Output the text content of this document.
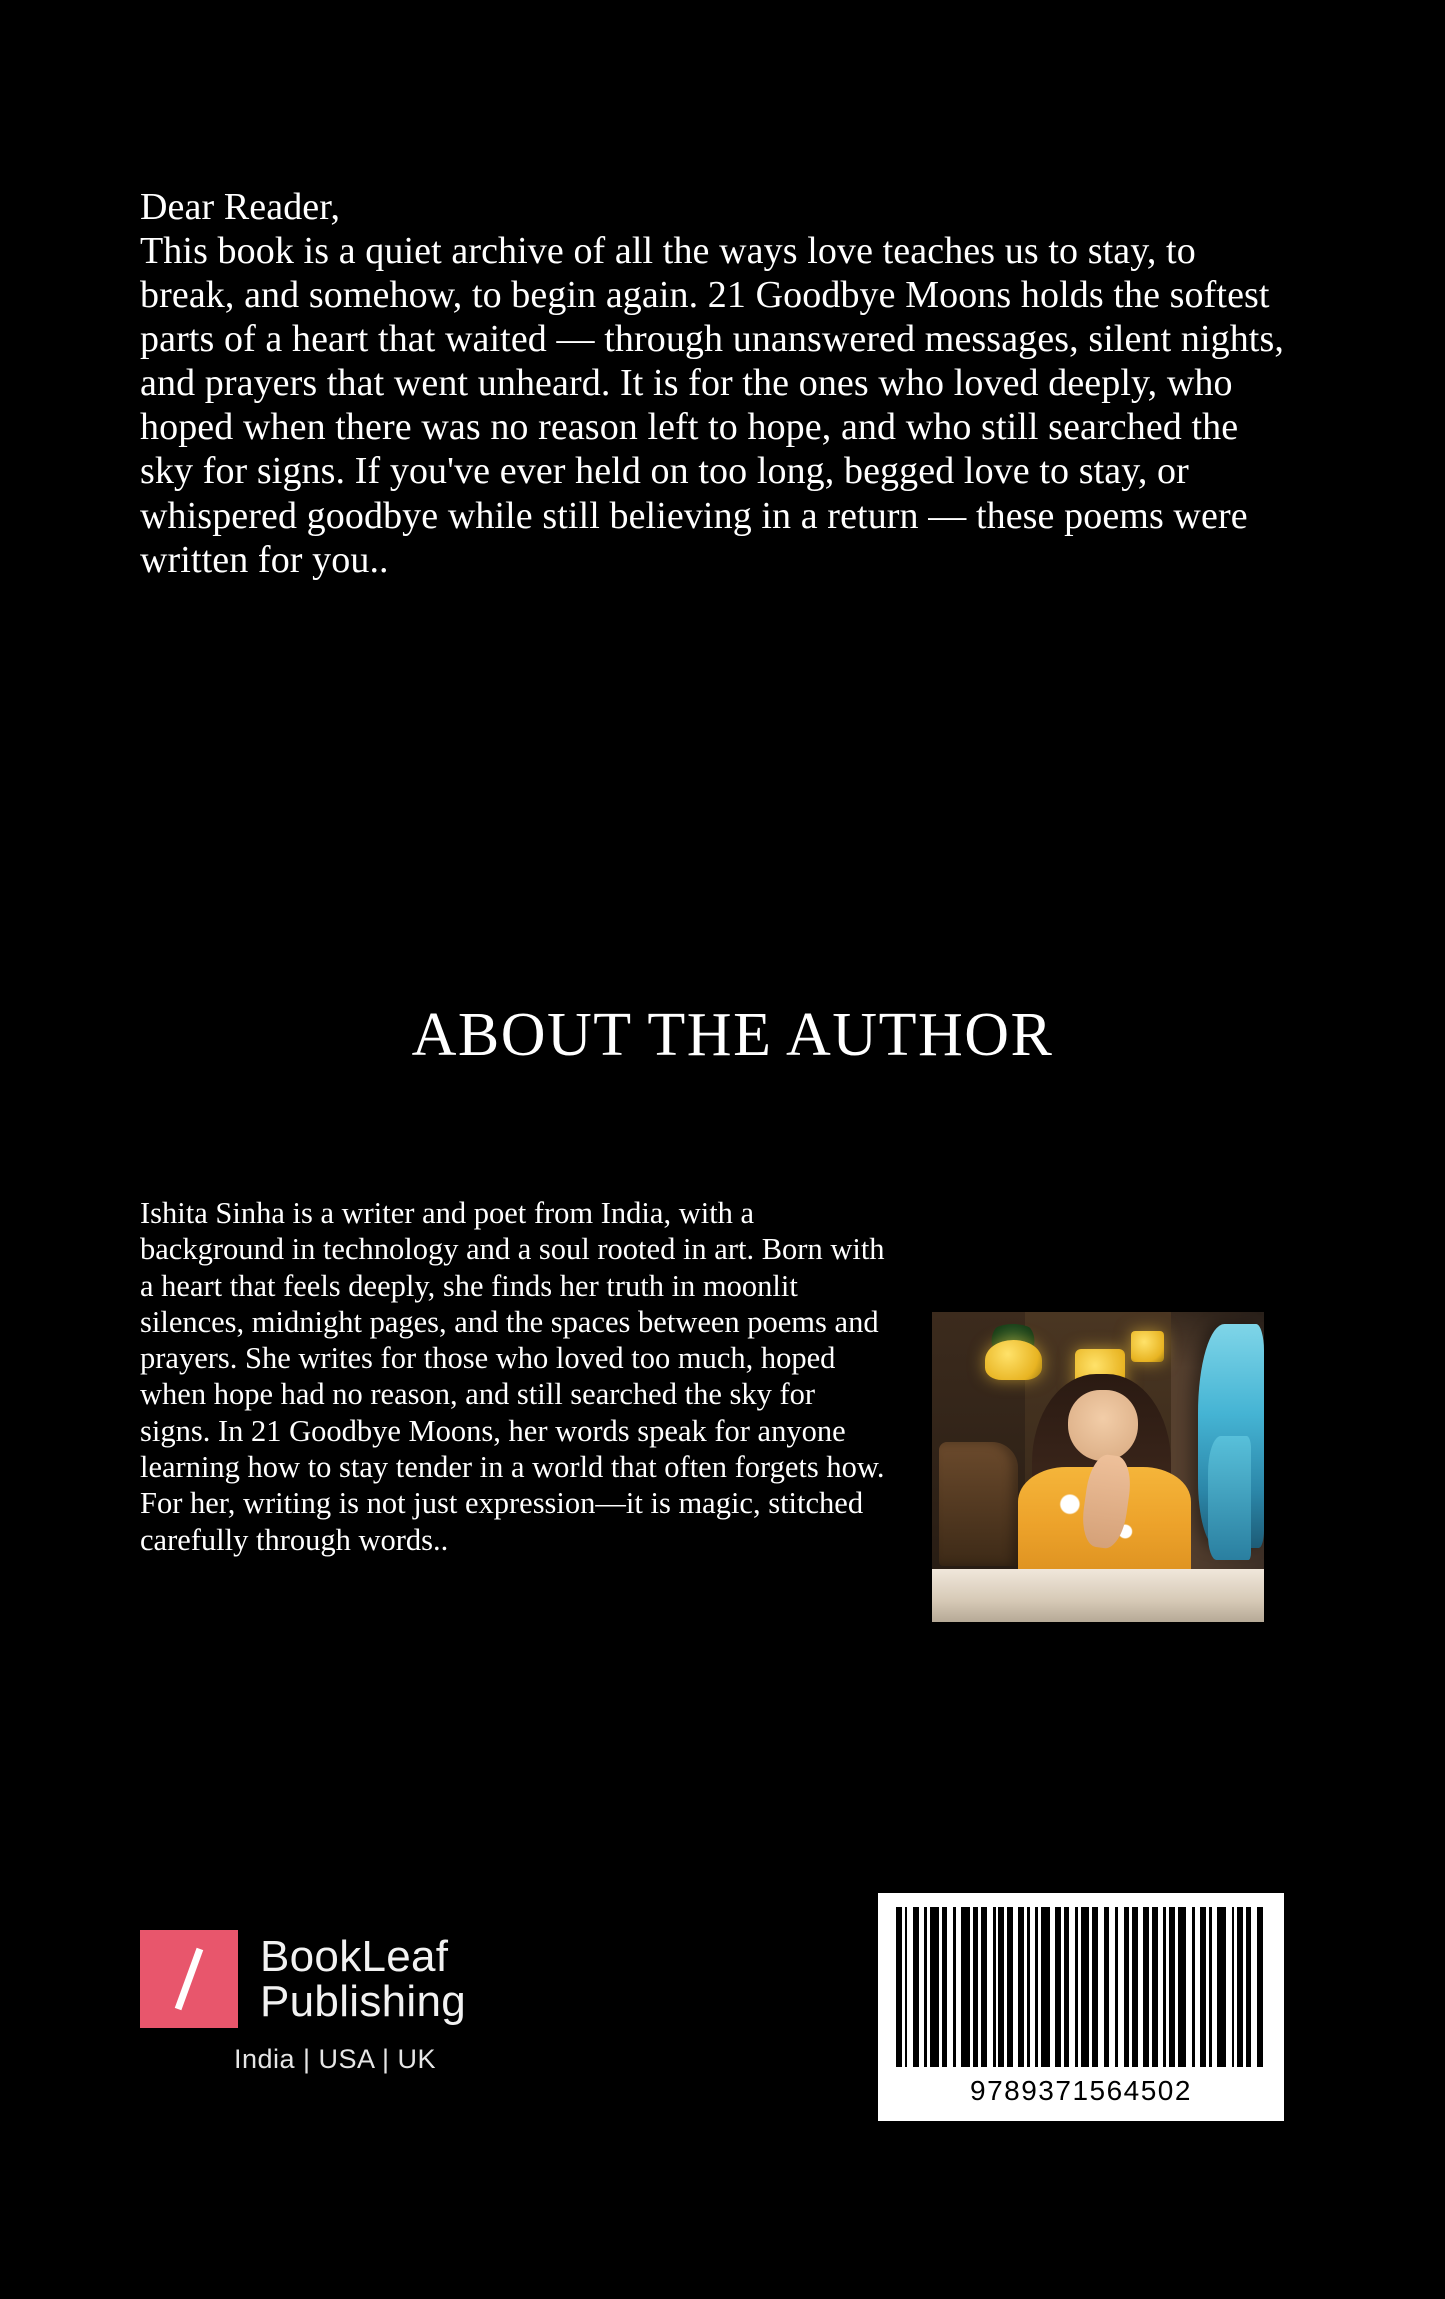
Dear Reader,
This book is a quiet archive of all the ways love teaches us to stay, to break, and somehow, to begin again. 21 Goodbye Moons holds the softest parts of a heart that waited — through unanswered messages, silent nights, and prayers that went unheard. It is for the ones who loved deeply, who hoped when there was no reason left to hope, and who still searched the sky for signs. If you've ever held on too long, begged love to stay, or whispered goodbye while still believing in a return — these poems were written for you..
ABOUT THE AUTHOR
Ishita Sinha is a writer and poet from India, with a background in technology and a soul rooted in art. Born with a heart that feels deeply, she finds her truth in moonlit silences, midnight pages, and the spaces between poems and prayers. She writes for those who loved too much, hoped when hope had no reason, and still searched the sky for signs. In 21 Goodbye Moons, her words speak for anyone learning how to stay tender in a world that often forgets how. For her, writing is not just expression—it is magic, stitched carefully through words..
BookLeaf
Publishing
India | USA | UK
9789371564502
